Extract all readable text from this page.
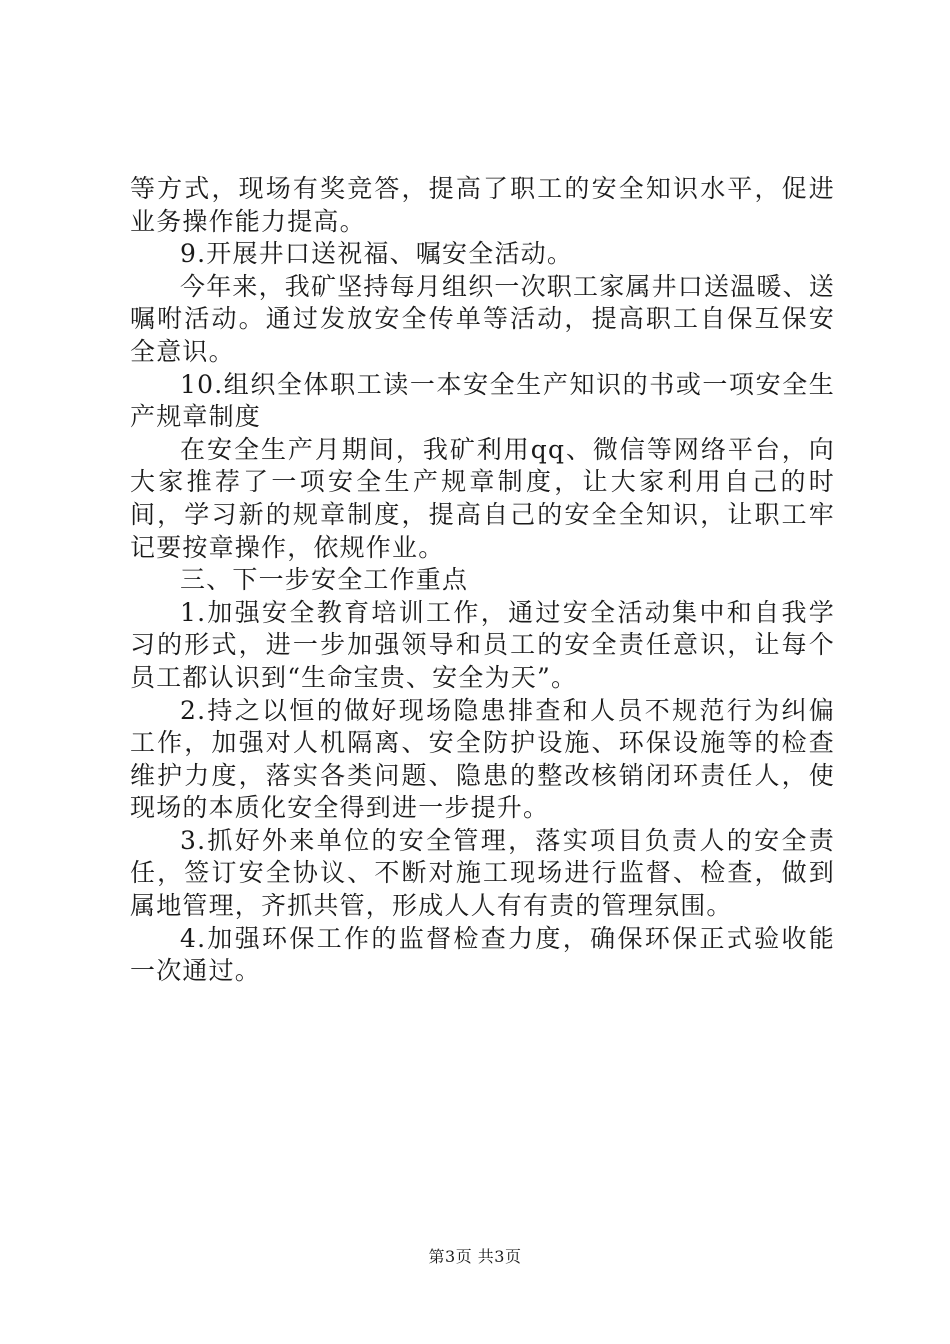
等方式，现场有奖竞答，提高了职工的安全知识水平，促进业务操作能力提高。

9.开展井口送祝福、嘱安全活动。

今年来，我矿坚持每月组织一次职工家属井口送温暖、送嘱咐活动。通过发放安全传单等活动，提高职工自保互保安全意识。

10.组织全体职工读一本安全生产知识的书或一项安全生产规章制度

在安全生产月期间，我矿利用qq、微信等网络平台，向大家推荐了一项安全生产规章制度，让大家利用自己的时间，学习新的规章制度，提高自己的安全全知识，让职工牢记要按章操作，依规作业。

三、下一步安全工作重点

1.加强安全教育培训工作，通过安全活动集中和自我学习的形式，进一步加强领导和员工的安全责任意识，让每个员工都认识到“生命宝贵、安全为天”。

2.持之以恒的做好现场隐患排查和人员不规范行为纠偏工作，加强对人机隔离、安全防护设施、环保设施等的检查维护力度，落实各类问题、隐患的整改核销闭环责任人，使现场的本质化安全得到进一步提升。

3.抓好外来单位的安全管理，落实项目负责人的安全责任，签订安全协议、不断对施工现场进行监督、检查，做到属地管理，齐抓共管，形成人人有有责的管理氛围。

4.加强环保工作的监督检查力度，确保环保正式验收能一次通过。

第3页 共3页
